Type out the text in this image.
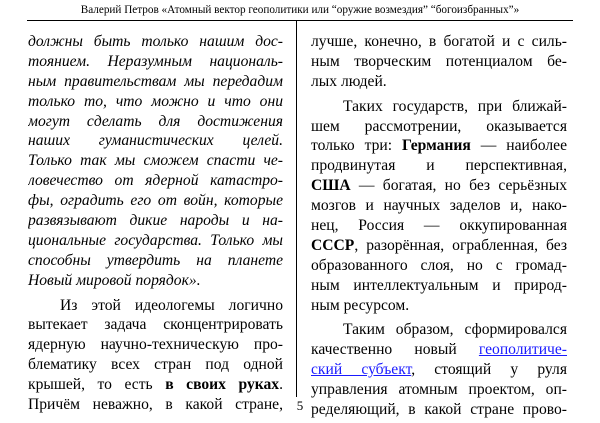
Валерий Петров «Атомный вектор геополитики или “оружие возмездия” “богоизбранных”»
должны быть только нашим дос-
тоянием. Неразумным националь-
ным правительствам мы передадим
только то, что можно и что они
могут сделать для достижения
наших гуманистических целей.
Только так мы сможем спасти че-
ловечество от ядерной катастро-
фы, оградить его от войн, которые
развязывают дикие народы и на-
циональные государства. Только мы
способны утвердить на планете
Новый мировой порядок».
Из этой идеологемы логично
вытекает задача сконцентрировать
ядерную научно-техническую про-
блематику всех стран под одной
крышей, то есть в своих руках.
Причём неважно, в какой стране,
лучше, конечно, в богатой и с силь-
ным творческим потенциалом бе-
лых людей.
Таких государств, при ближай-
шем рассмотрении, оказывается
только три: Германия — наиболее
продвинутая и перспективная,
США — богатая, но без серьёзных
мозгов и научных заделов и, нако-
нец, Россия — оккупированная
СССР, разорённая, ограбленная, без
образованного слоя, но с громад-
ным интеллектуальным и природ-
ным ресурсом.
Таким образом, сформировался
качественно новый геополитиче-
ский субъект, стоящий у руля
управления атомным проектом, оп-
ределяющий, в какой стране прово-
5
